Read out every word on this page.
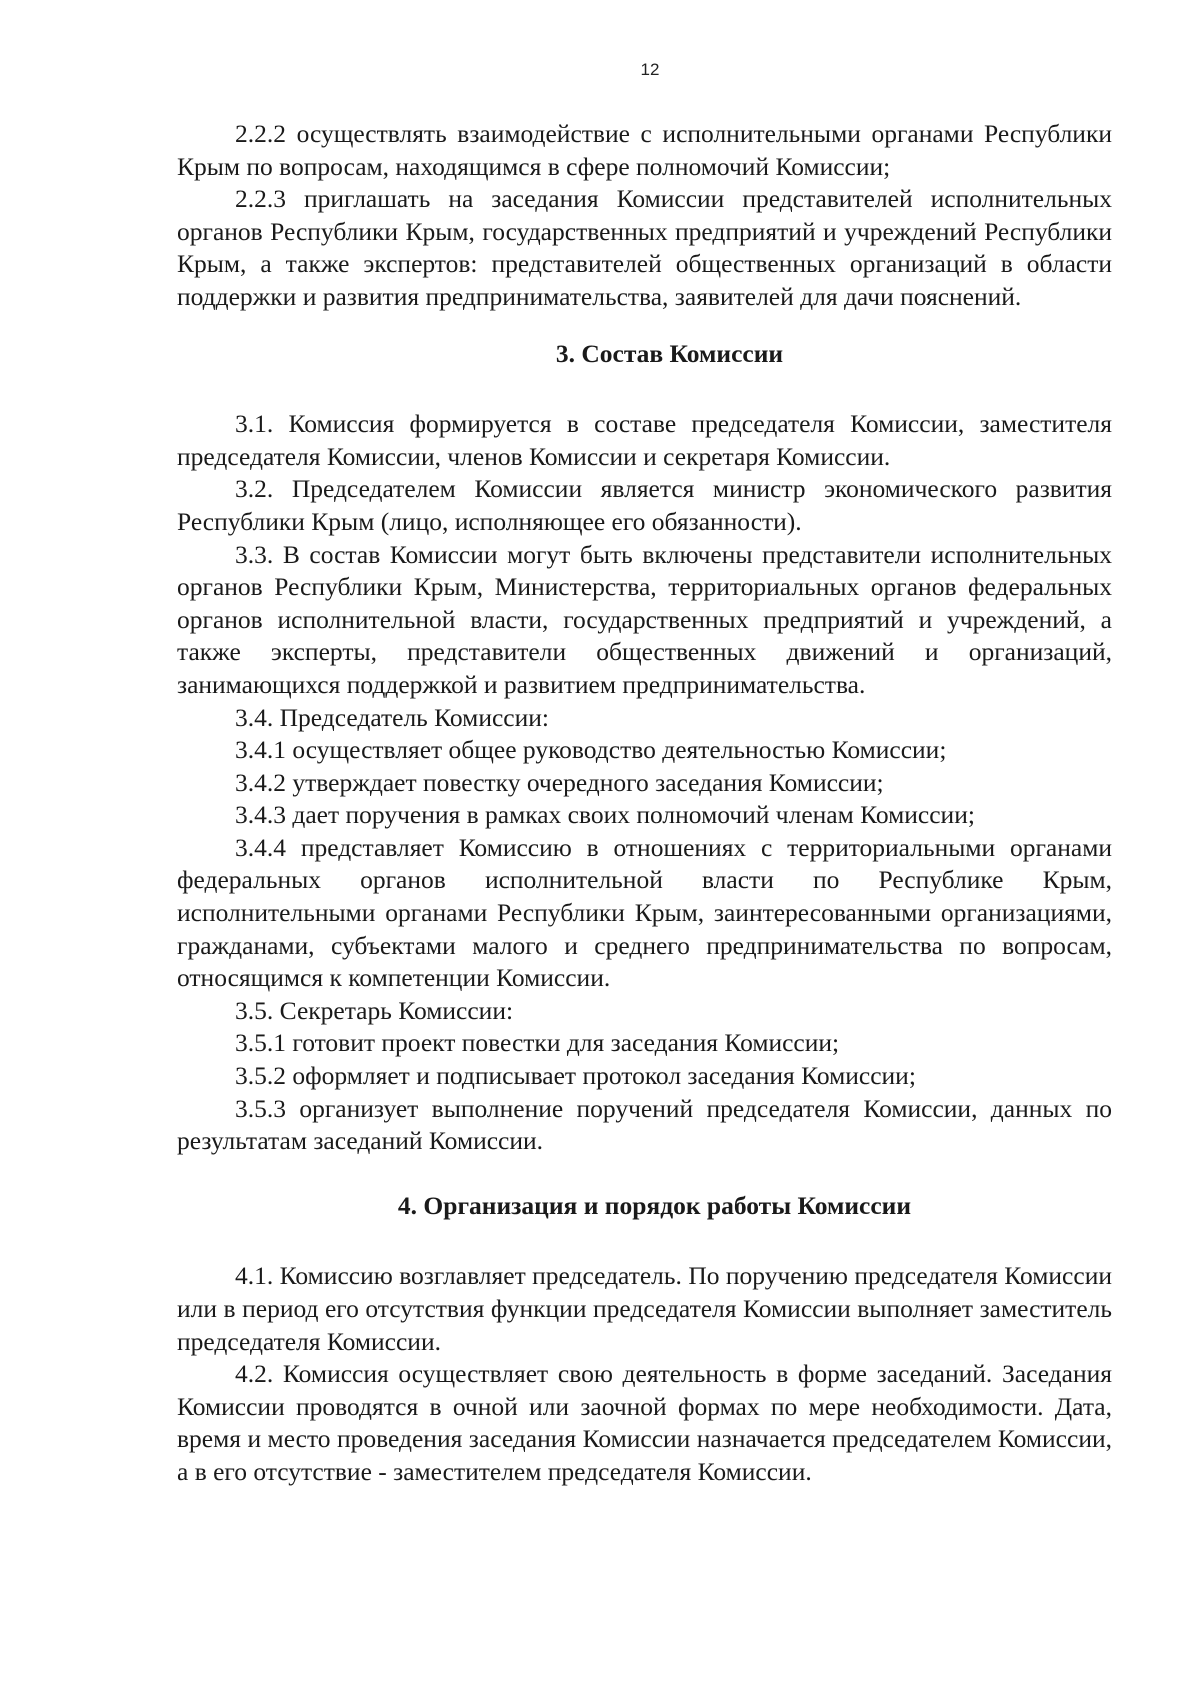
12

2.2.2 осуществлять взаимодействие с исполнительными органами Республики Крым по вопросам, находящимся в сфере полномочий Комиссии;

2.2.3 приглашать на заседания Комиссии представителей исполнительных органов Республики Крым, государственных предприятий и учреждений Республики Крым, а также экспертов: представителей общественных организаций в области поддержки и развития предпринимательства, заявителей для дачи пояснений.

3. Состав Комиссии

3.1. Комиссия формируется в составе председателя Комиссии, заместителя председателя Комиссии, членов Комиссии и секретаря Комиссии.

3.2. Председателем Комиссии является министр экономического развития Республики Крым (лицо, исполняющее его обязанности).

3.3. В состав Комиссии могут быть включены представители исполнительных органов Республики Крым, Министерства, территориальных органов федеральных органов исполнительной власти, государственных предприятий и учреждений, а также эксперты, представители общественных движений и организаций, занимающихся поддержкой и развитием предпринимательства.

3.4. Председатель Комиссии:

3.4.1 осуществляет общее руководство деятельностью Комиссии;

3.4.2 утверждает повестку очередного заседания Комиссии;

3.4.3 дает поручения в рамках своих полномочий членам Комиссии;

3.4.4 представляет Комиссию в отношениях с территориальными органами федеральных органов исполнительной власти по Республике Крым, исполнительными органами Республики Крым, заинтересованными организациями, гражданами, субъектами малого и среднего предпринимательства по вопросам, относящимся к компетенции Комиссии.

3.5. Секретарь Комиссии:

3.5.1 готовит проект повестки для заседания Комиссии;

3.5.2 оформляет и подписывает протокол заседания Комиссии;

3.5.3 организует выполнение поручений председателя Комиссии, данных по результатам заседаний Комиссии.

4. Организация и порядок работы Комиссии

4.1. Комиссию возглавляет председатель. По поручению председателя Комиссии или в период его отсутствия функции председателя Комиссии выполняет заместитель председателя Комиссии.

4.2. Комиссия осуществляет свою деятельность в форме заседаний. Заседания Комиссии проводятся в очной или заочной формах по мере необходимости. Дата, время и место проведения заседания Комиссии назначается председателем Комиссии, а в его отсутствие - заместителем председателя Комиссии.
